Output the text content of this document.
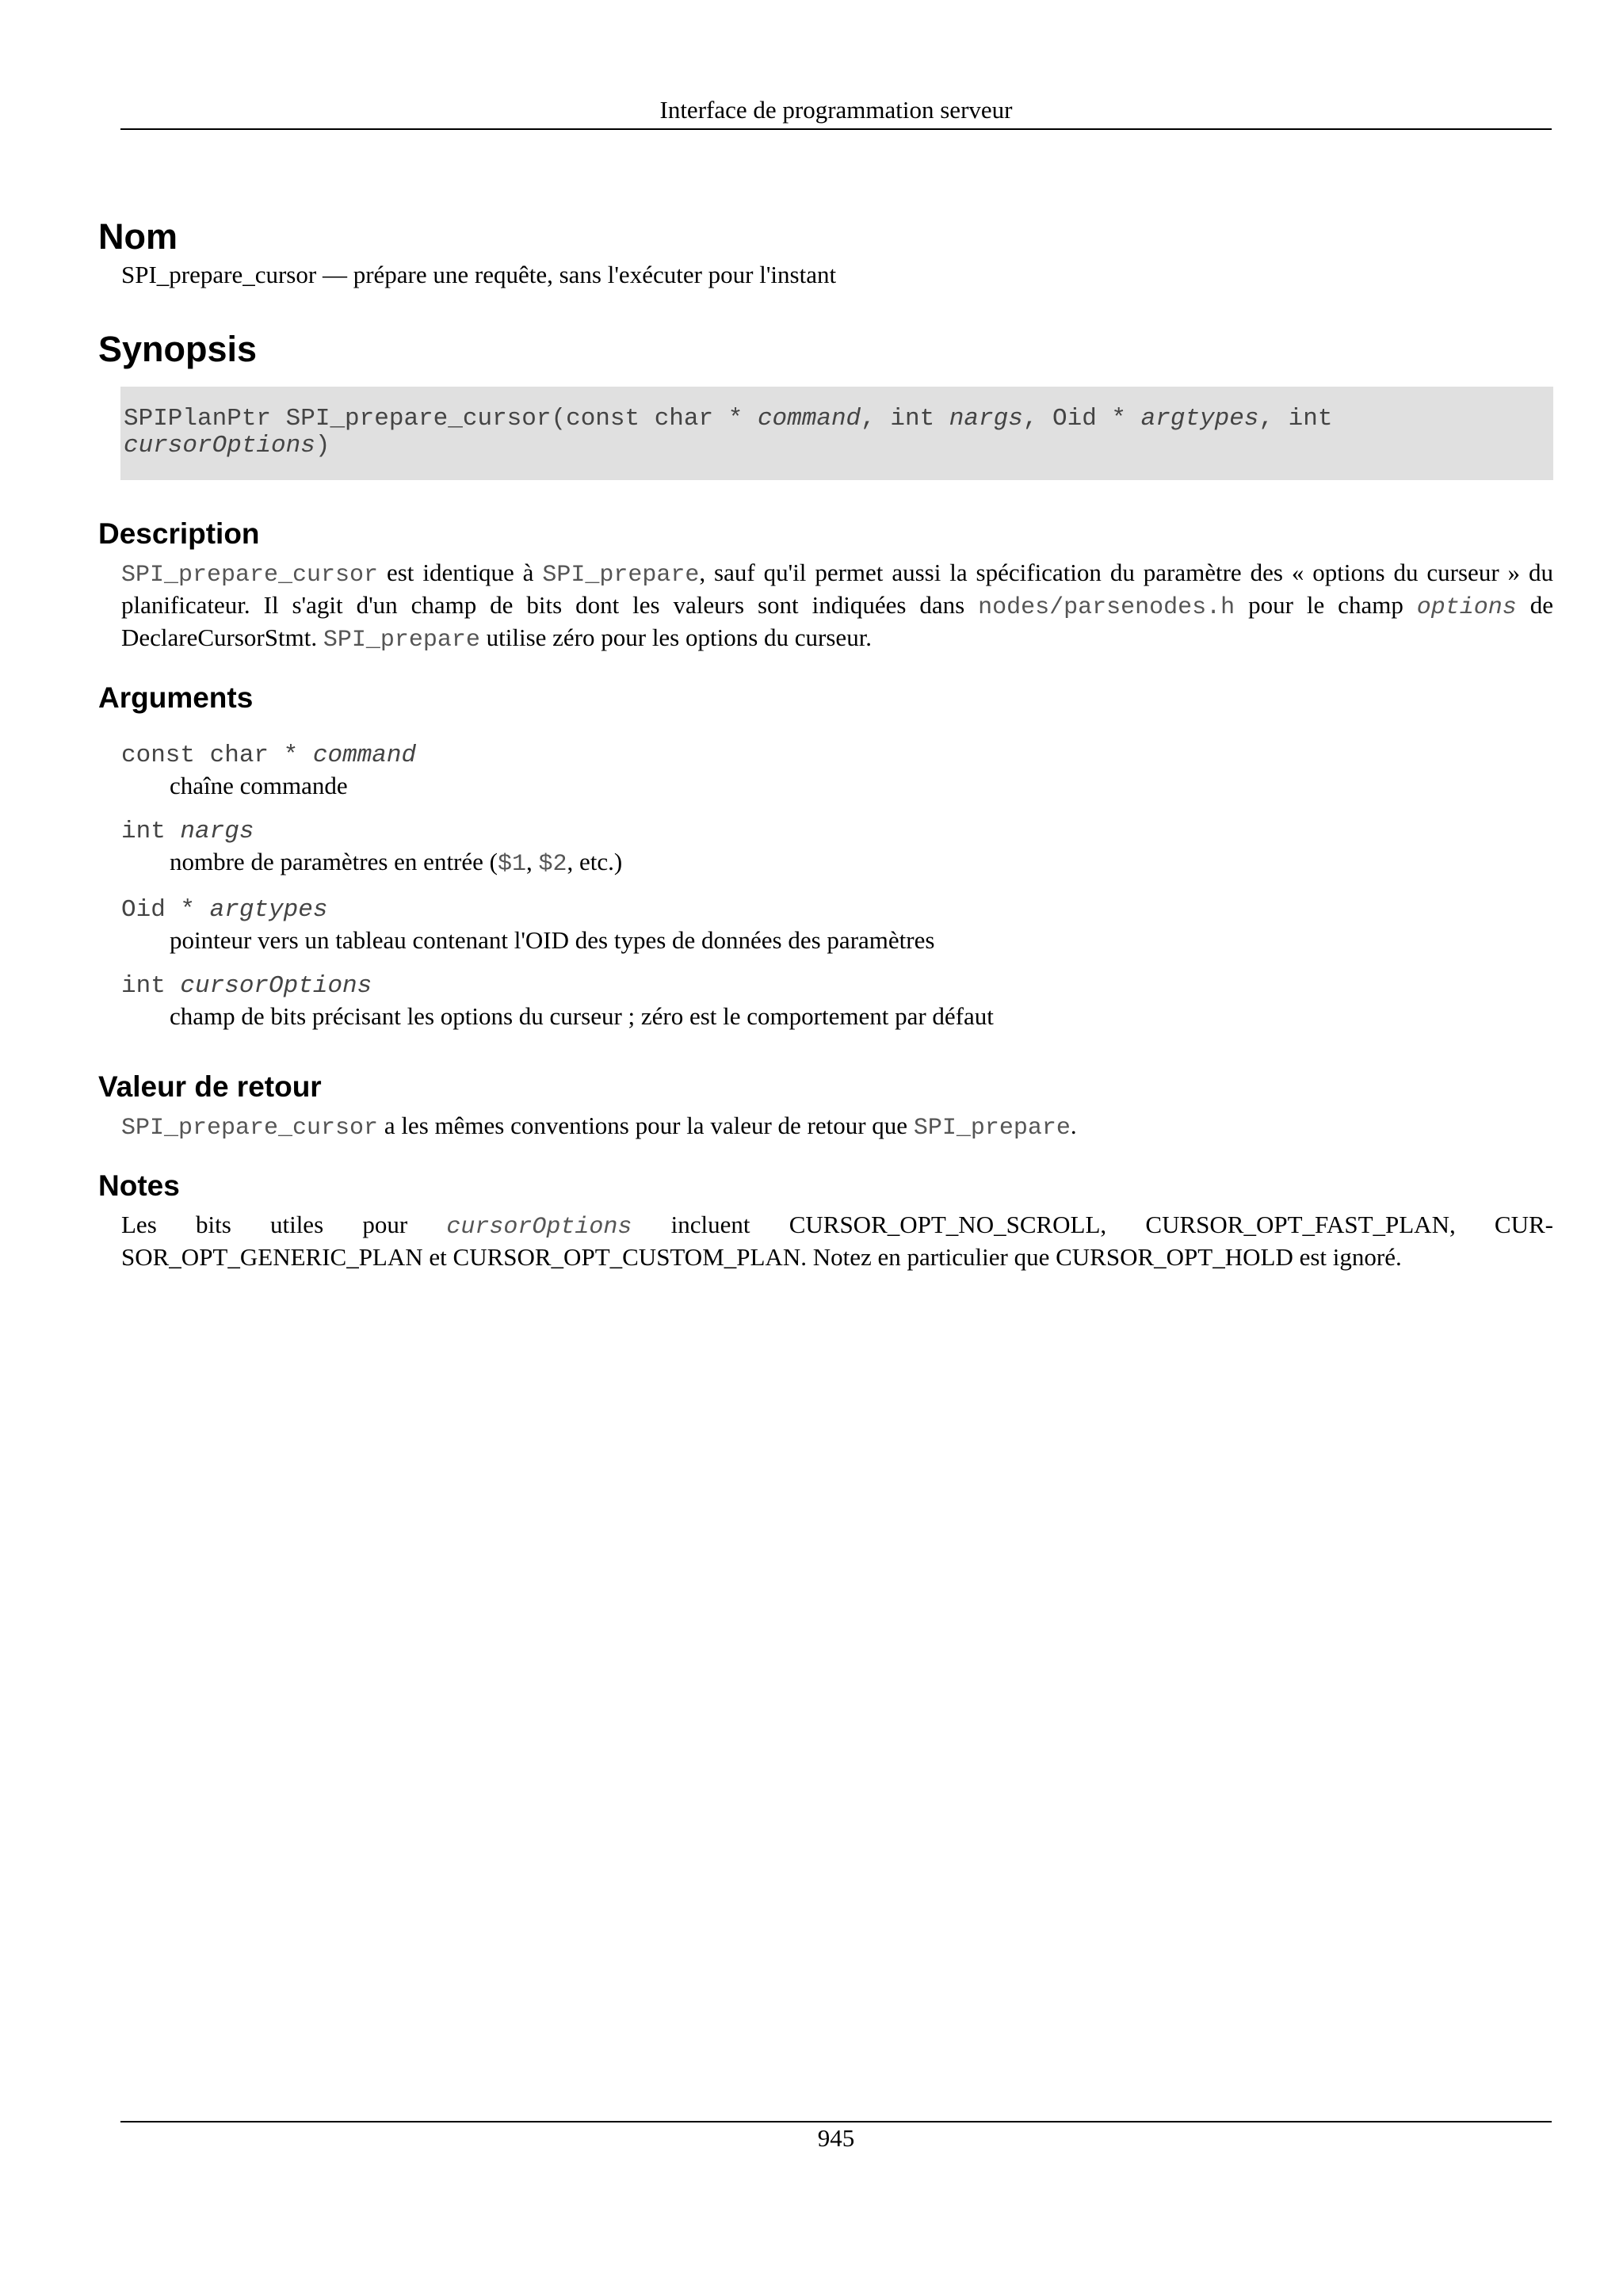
Interface de programmation serveur
Nom

SPI_prepare_cursor — prépare une requête, sans l'exécuter pour l'instant

Synopsis
SPIPlanPtr SPI_prepare_cursor(const char * command, int nargs, Oid * argtypes, int
cursorOptions)
Description

SPI_prepare_cursor est identique à SPI_prepare, sauf qu'il permet aussi la spécification du paramètre des « options du curseur » du planificateur. Il s'agit d'un champ de bits dont les valeurs sont indiquées dans nodes/parsenodes.h pour le champ options de DeclareCursorStmt. SPI_prepare utilise zéro pour les options du curseur.

Arguments
const char * command
chaîne commande
int nargs
nombre de paramètres en entrée ($1, $2, etc.)
Oid * argtypes
pointeur vers un tableau contenant l'OID des types de données des paramètres
int cursorOptions
champ de bits précisant les options du curseur ; zéro est le comportement par défaut
Valeur de retour

SPI_prepare_cursor a les mêmes conventions pour la valeur de retour que SPI_prepare.

Notes

Les bits utiles pour cursorOptions incluent CURSOR_OPT_NO_SCROLL, CURSOR_OPT_FAST_PLAN, CURSOR_OPT_GENERIC_PLAN et CURSOR_OPT_CUSTOM_PLAN. Notez en particulier que CURSOR_OPT_HOLD est ignoré.

945
